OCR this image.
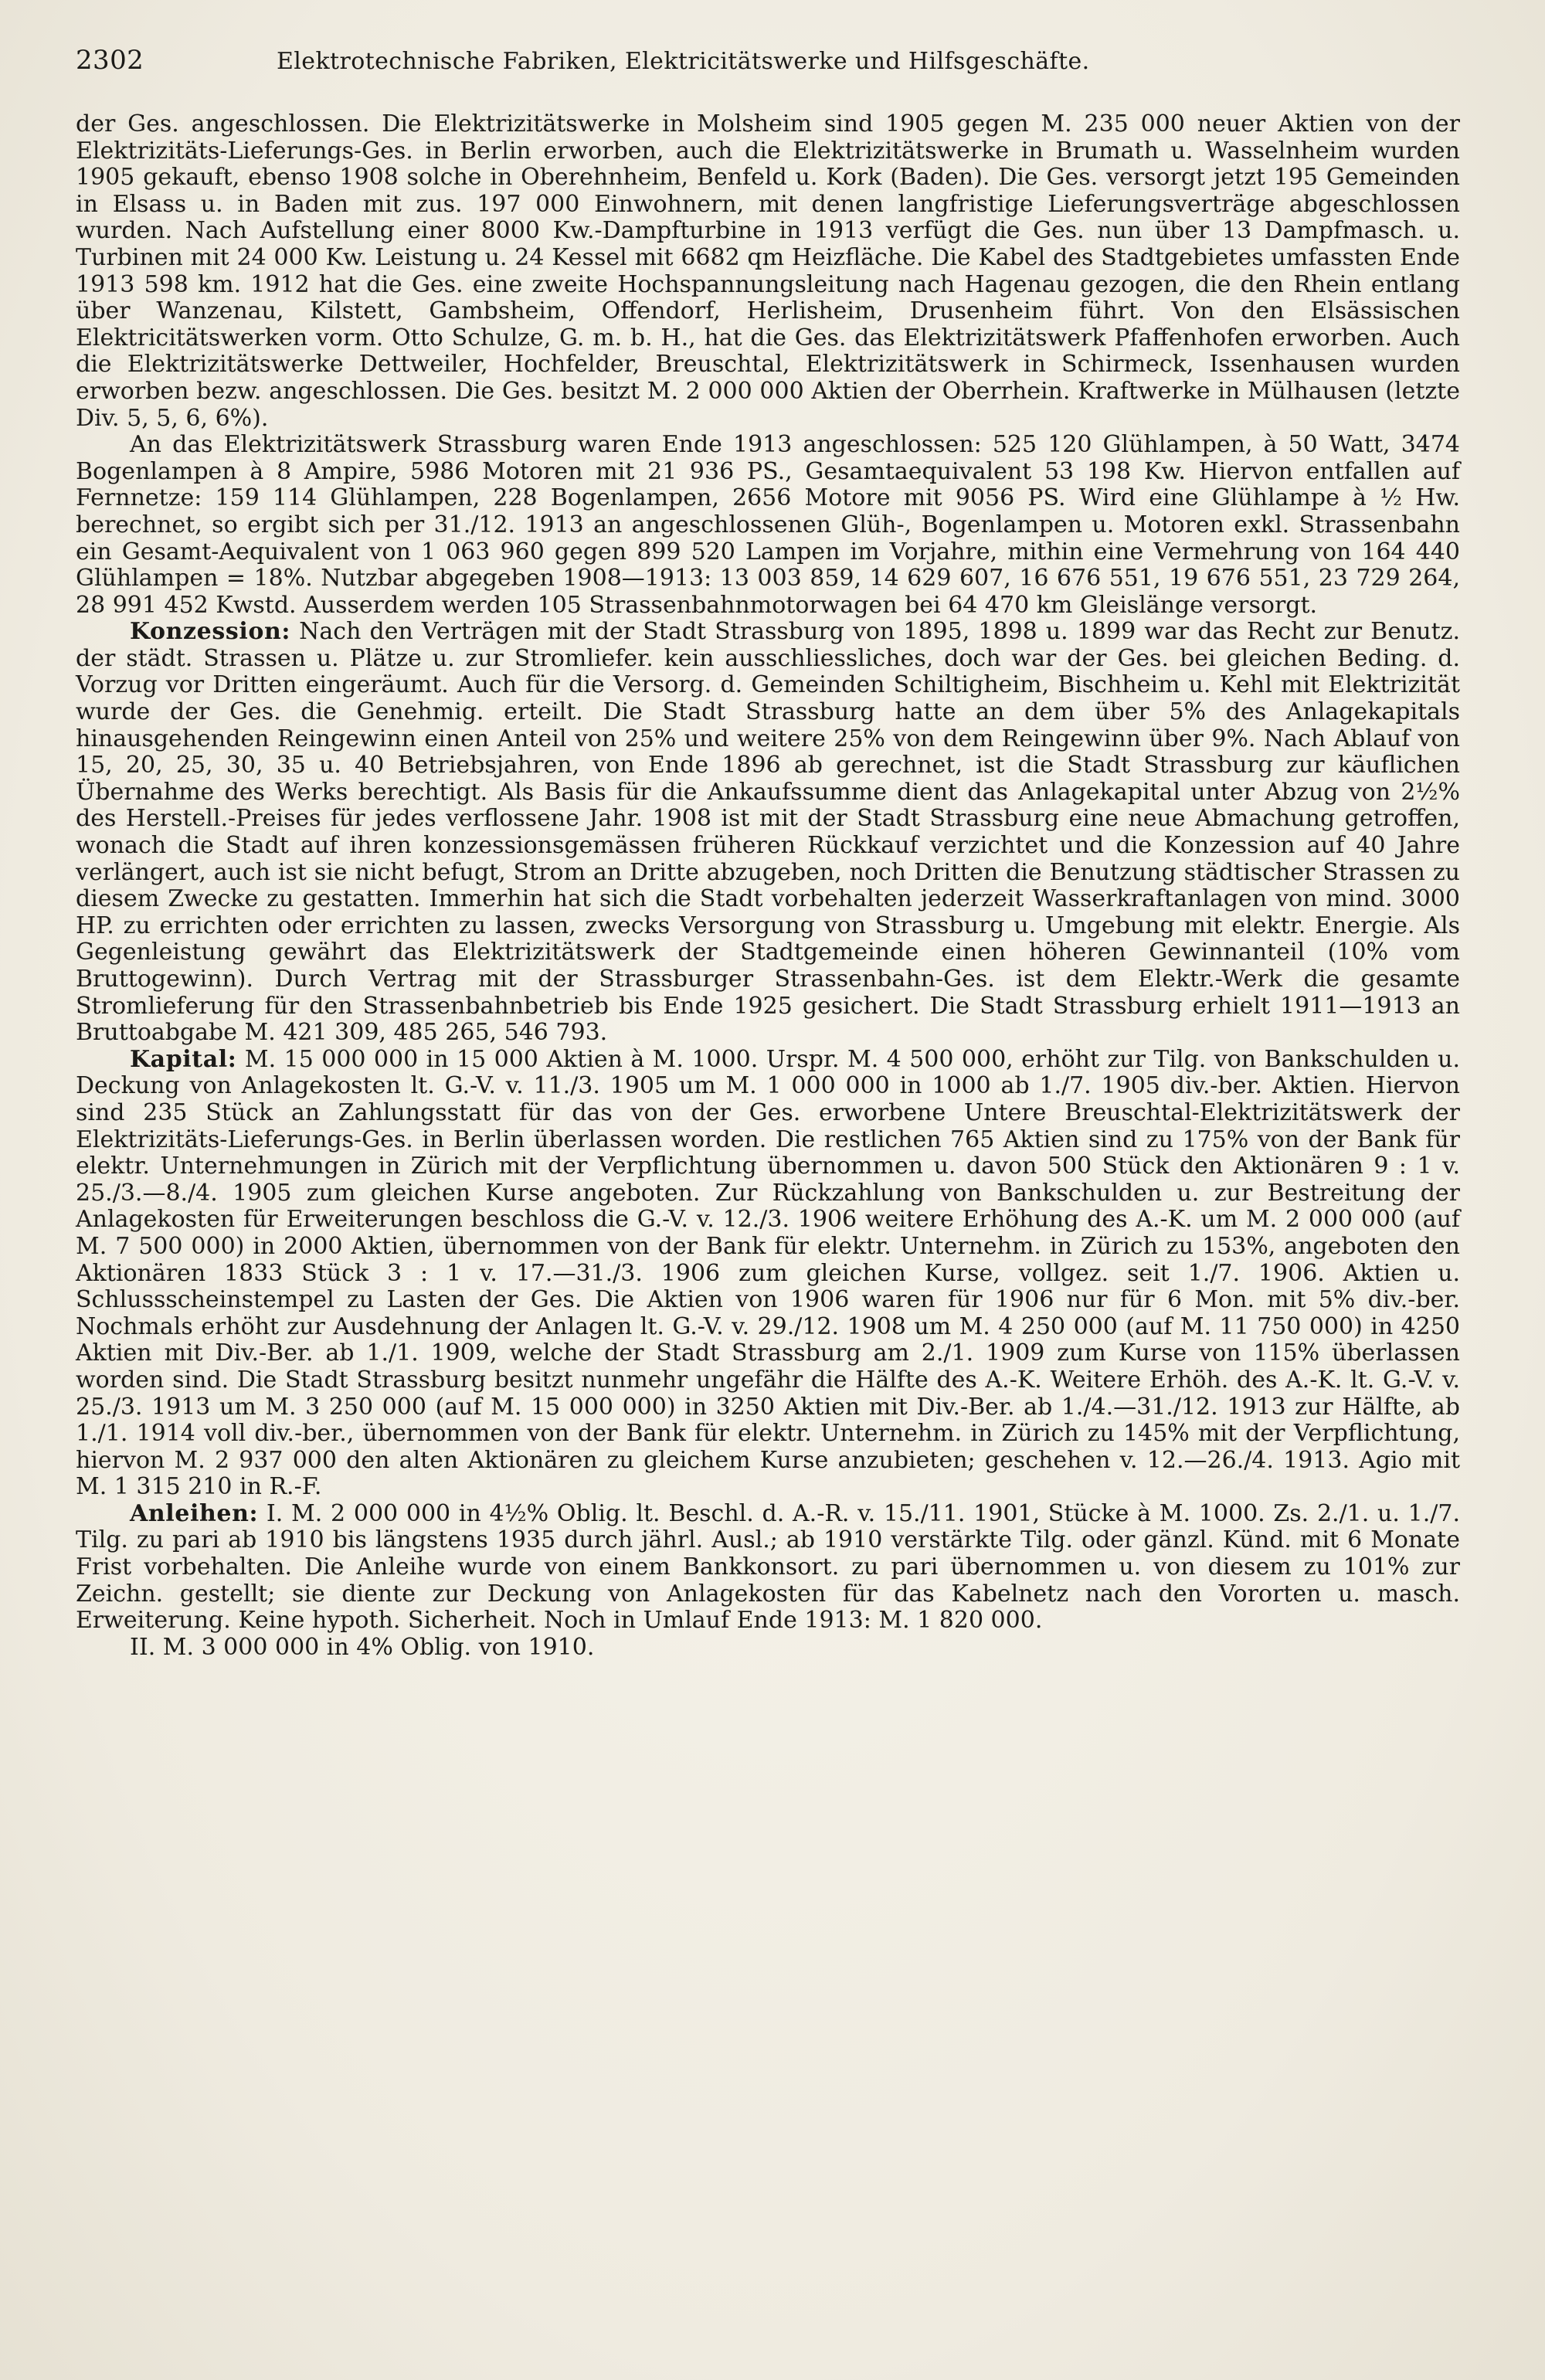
2302	Elektrotechnische Fabriken, Elektricitätswerke und Hilfsgeschäfte.

der Ges. angeschlossen. Die Elektrizitätswerke in Molsheim sind 1905 gegen M. 235 000 neuer Aktien von der Elektrizitäts-Lieferungs-Ges. in Berlin erworben, auch die Elektrizitätswerke in Brumath u. Wasselnheim wurden 1905 gekauft, ebenso 1908 solche in Oberehnheim, Benfeld u. Kork (Baden). Die Ges. versorgt jetzt 195 Gemeinden in Elsass u. in Baden mit zus. 197 000 Einwohnern, mit denen langfristige Lieferungsverträge abgeschlossen wurden. Nach Aufstellung einer 8000 Kw.-Dampfturbine in 1913 verfügt die Ges. nun über 13 Dampfmasch. u. Turbinen mit 24 000 Kw. Leistung u. 24 Kessel mit 6682 qm Heizfläche. Die Kabel des Stadtgebietes umfassten Ende 1913 598 km. 1912 hat die Ges. eine zweite Hochspannungsleitung nach Hagenau gezogen, die den Rhein entlang über Wanzenau, Kilstett, Gambsheim, Offendorf, Herlisheim, Drusenheim führt. Von den Elsässischen Elektricitätswerken vorm. Otto Schulze, G. m. b. H., hat die Ges. das Elektrizitätswerk Pfaffenhofen erworben. Auch die Elektrizitätswerke Dettweiler, Hochfelder, Breuschtal, Elektrizitätswerk in Schirmeck, Issenhausen wurden erworben bezw. angeschlossen. Die Ges. besitzt M. 2 000 000 Aktien der Oberrhein. Kraftwerke in Mülhausen (letzte Div. 5, 5, 6, 6%).

An das Elektrizitätswerk Strassburg waren Ende 1913 angeschlossen: 525 120 Glühlampen, à 50 Watt, 3474 Bogenlampen à 8 Ampire, 5986 Motoren mit 21 936 PS., Gesamtaequivalent 53 198 Kw. Hiervon entfallen auf Fernnetze: 159 114 Glühlampen, 228 Bogenlampen, 2656 Motore mit 9056 PS. Wird eine Glühlampe à ½ Hw. berechnet, so ergibt sich per 31./12. 1913 an angeschlossenen Glüh-, Bogenlampen u. Motoren exkl. Strassenbahn ein Gesamt-Aequivalent von 1 063 960 gegen 899 520 Lampen im Vorjahre, mithin eine Vermehrung von 164 440 Glühlampen = 18%. Nutzbar abgegeben 1908—1913: 13 003 859, 14 629 607, 16 676 551, 19 676 551, 23 729 264, 28 991 452 Kwstd. Ausserdem werden 105 Strassenbahnmotorwagen bei 64 470 km Gleislänge versorgt.

Konzession: Nach den Verträgen mit der Stadt Strassburg von 1895, 1898 u. 1899 war das Recht zur Benutz. der städt. Strassen u. Plätze u. zur Stromliefer. kein ausschliessliches, doch war der Ges. bei gleichen Beding. d. Vorzug vor Dritten eingeräumt. Auch für die Versorg. d. Gemeinden Schiltigheim, Bischheim u. Kehl mit Elektrizität wurde der Ges. die Genehmig. erteilt. Die Stadt Strassburg hatte an dem über 5% des Anlagekapitals hinausgehenden Reingewinn einen Anteil von 25% und weitere 25% von dem Reingewinn über 9%. Nach Ablauf von 15, 20, 25, 30, 35 u. 40 Betriebsjahren, von Ende 1896 ab gerechnet, ist die Stadt Strassburg zur käuflichen Übernahme des Werks berechtigt. Als Basis für die Ankaufssumme dient das Anlagekapital unter Abzug von 2½% des Herstell.-Preises für jedes verflossene Jahr. 1908 ist mit der Stadt Strassburg eine neue Abmachung getroffen, wonach die Stadt auf ihren konzessionsgemässen früheren Rückkauf verzichtet und die Konzession auf 40 Jahre verlängert, auch ist sie nicht befugt, Strom an Dritte abzugeben, noch Dritten die Benutzung städtischer Strassen zu diesem Zwecke zu gestatten. Immerhin hat sich die Stadt vorbehalten jederzeit Wasserkraftanlagen von mind. 3000 HP. zu errichten oder errichten zu lassen, zwecks Versorgung von Strassburg u. Umgebung mit elektr. Energie. Als Gegenleistung gewährt das Elektrizitätswerk der Stadtgemeinde einen höheren Gewinnanteil (10% vom Bruttogewinn). Durch Vertrag mit der Strassburger Strassenbahn-Ges. ist dem Elektr.-Werk die gesamte Stromlieferung für den Strassenbahnbetrieb bis Ende 1925 gesichert. Die Stadt Strassburg erhielt 1911—1913 an Bruttoabgabe M. 421 309, 485 265, 546 793.

Kapital: M. 15 000 000 in 15 000 Aktien à M. 1000. Urspr. M. 4 500 000, erhöht zur Tilg. von Bankschulden u. Deckung von Anlagekosten lt. G.-V. v. 11./3. 1905 um M. 1 000 000 in 1000 ab 1./7. 1905 div.-ber. Aktien. Hiervon sind 235 Stück an Zahlungsstatt für das von der Ges. erworbene Untere Breuschtal-Elektrizitätswerk der Elektrizitäts-Lieferungs-Ges. in Berlin überlassen worden. Die restlichen 765 Aktien sind zu 175% von der Bank für elektr. Unternehmungen in Zürich mit der Verpflichtung übernommen u. davon 500 Stück den Aktionären 9 : 1 v. 25./3.—8./4. 1905 zum gleichen Kurse angeboten. Zur Rückzahlung von Bankschulden u. zur Bestreitung der Anlagekosten für Erweiterungen beschloss die G.-V. v. 12./3. 1906 weitere Erhöhung des A.-K. um M. 2 000 000 (auf M. 7 500 000) in 2000 Aktien, übernommen von der Bank für elektr. Unternehm. in Zürich zu 153%, angeboten den Aktionären 1833 Stück 3 : 1 v. 17.—31./3. 1906 zum gleichen Kurse, vollgez. seit 1./7. 1906. Aktien u. Schlussscheinstempel zu Lasten der Ges. Die Aktien von 1906 waren für 1906 nur für 6 Mon. mit 5% div.-ber. Nochmals erhöht zur Ausdehnung der Anlagen lt. G.-V. v. 29./12. 1908 um M. 4 250 000 (auf M. 11 750 000) in 4250 Aktien mit Div.-Ber. ab 1./1. 1909, welche der Stadt Strassburg am 2./1. 1909 zum Kurse von 115% überlassen worden sind. Die Stadt Strassburg besitzt nunmehr ungefähr die Hälfte des A.-K. Weitere Erhöh. des A.-K. lt. G.-V. v. 25./3. 1913 um M. 3 250 000 (auf M. 15 000 000) in 3250 Aktien mit Div.-Ber. ab 1./4.—31./12. 1913 zur Hälfte, ab 1./1. 1914 voll div.-ber., übernommen von der Bank für elektr. Unternehm. in Zürich zu 145% mit der Verpflichtung, hiervon M. 2 937 000 den alten Aktionären zu gleichem Kurse anzubieten; geschehen v. 12.—26./4. 1913. Agio mit M. 1 315 210 in R.-F.

Anleihen: I. M. 2 000 000 in 4½% Oblig. lt. Beschl. d. A.-R. v. 15./11. 1901, Stücke à M. 1000. Zs. 2./1. u. 1./7. Tilg. zu pari ab 1910 bis längstens 1935 durch jährl. Ausl.; ab 1910 verstärkte Tilg. oder gänzl. Künd. mit 6 Monate Frist vorbehalten. Die Anleihe wurde von einem Bankkonsort. zu pari übernommen u. von diesem zu 101% zur Zeichn. gestellt; sie diente zur Deckung von Anlagekosten für das Kabelnetz nach den Vororten u. masch. Erweiterung. Keine hypoth. Sicherheit. Noch in Umlauf Ende 1913: M. 1 820 000.

II. M. 3 000 000 in 4% Oblig. von 1910.
